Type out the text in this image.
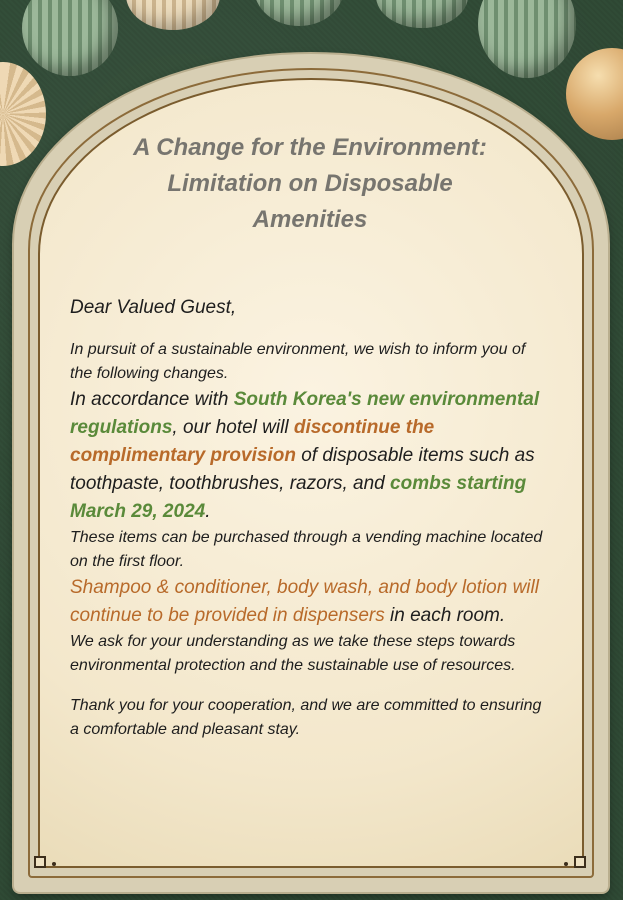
A Change for the Environment:
Limitation on Disposable
Amenities

Dear Valued Guest,

In pursuit of a sustainable environment, we wish to inform you of the following changes.

In accordance with South Korea's new environmental regulations, our hotel will discontinue the complimentary provision of disposable items such as toothpaste, toothbrushes, razors, and combs starting March 29, 2024.

These items can be purchased through a vending machine located on the first floor.

Shampoo & conditioner, body wash, and body lotion will continue to be provided in dispensers in each room.

We ask for your understanding as we take these steps towards environmental protection and the sustainable use of resources.

Thank you for your cooperation, and we are committed to ensuring a comfortable and pleasant stay.
